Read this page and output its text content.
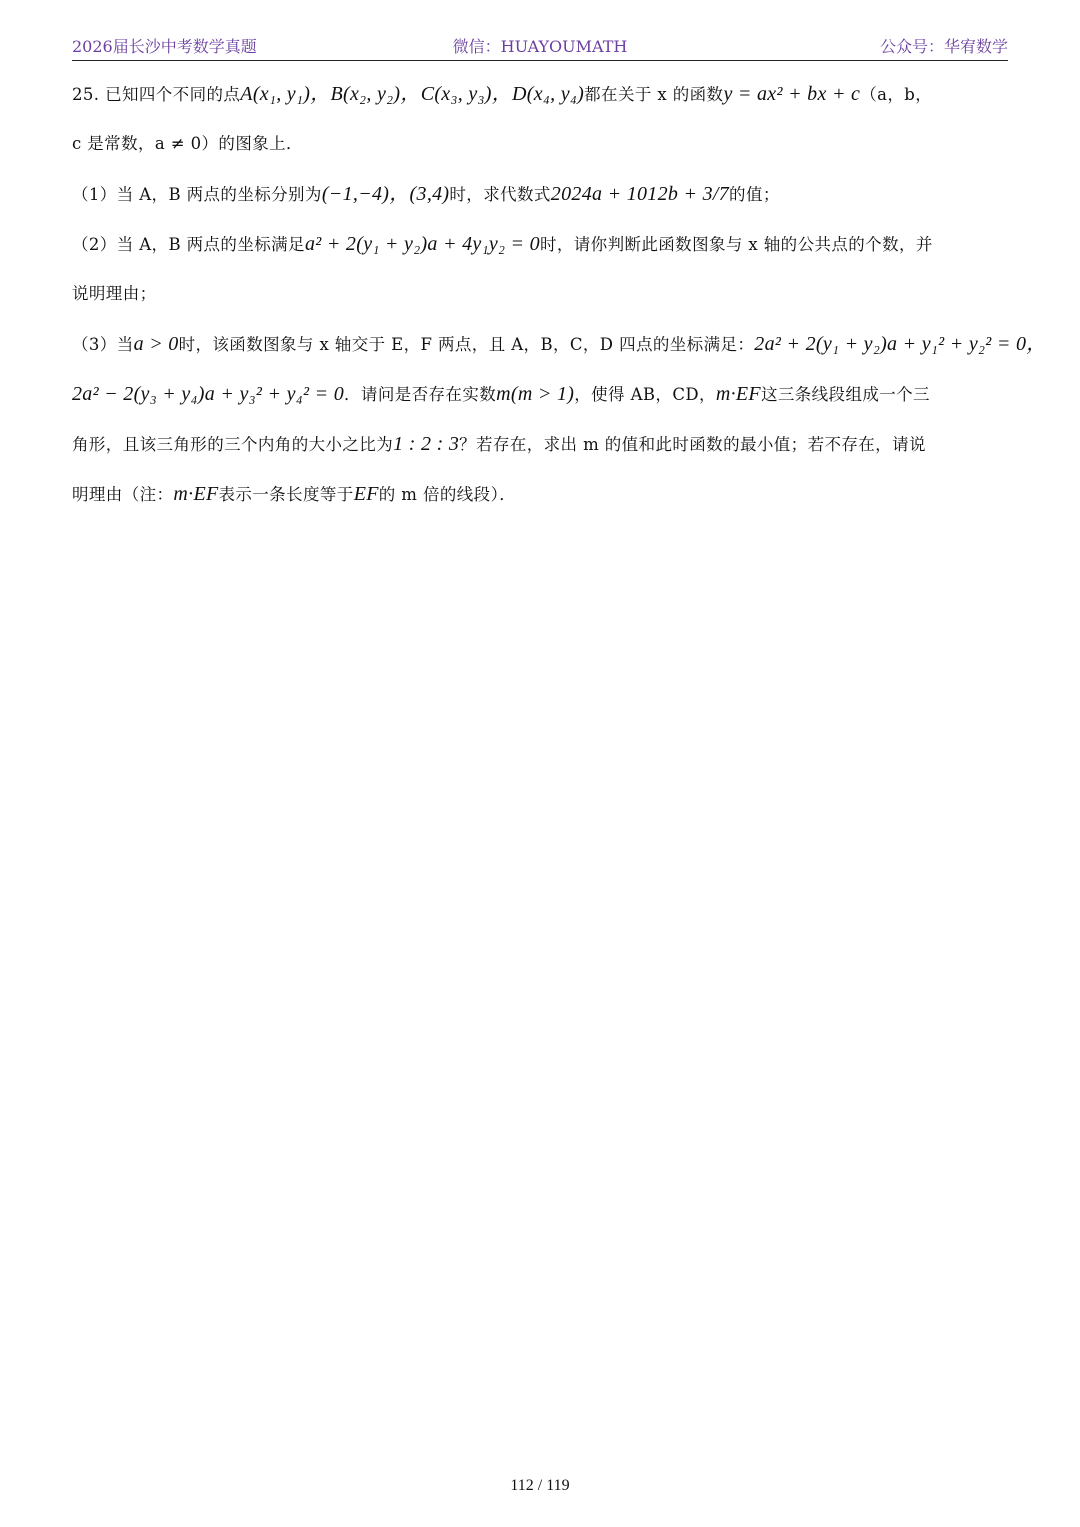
2026届长沙中考数学真题	微信：HUAYOUMATH	公众号：华宥数学
25. 已知四个不同的点A(x₁, y₁)，B(x₂, y₂)，C(x₃, y₃)，D(x₄, y₄)都在关于 x 的函数y = ax² + bx + c（a，b，
c 是常数，a ≠ 0）的图象上．
（1）当 A，B 两点的坐标分别为(−1,−4)，(3,4)时，求代数式2024a + 1012b + 3/7的值；
（2）当 A，B 两点的坐标满足a² + 2(y₁ + y₂)a + 4y₁y₂ = 0时，请你判断此函数图象与 x 轴的公共点的个数，并
说明理由；
（3）当a > 0时，该函数图象与 x 轴交于 E，F 两点，且 A，B，C，D 四点的坐标满足：2a² + 2(y₁ + y₂)a + y₁² + y₂² = 0，
2a² − 2(y₃ + y₄)a + y₃² + y₄² = 0．请问是否存在实数m(m > 1)，使得 AB，CD，m·EF这三条线段组成一个三
角形，且该三角形的三个内角的大小之比为1 : 2 : 3？若存在，求出 m 的值和此时函数的最小值；若不存在，请说
明理由（注：m·EF表示一条长度等于EF的 m 倍的线段）．
112 / 119
